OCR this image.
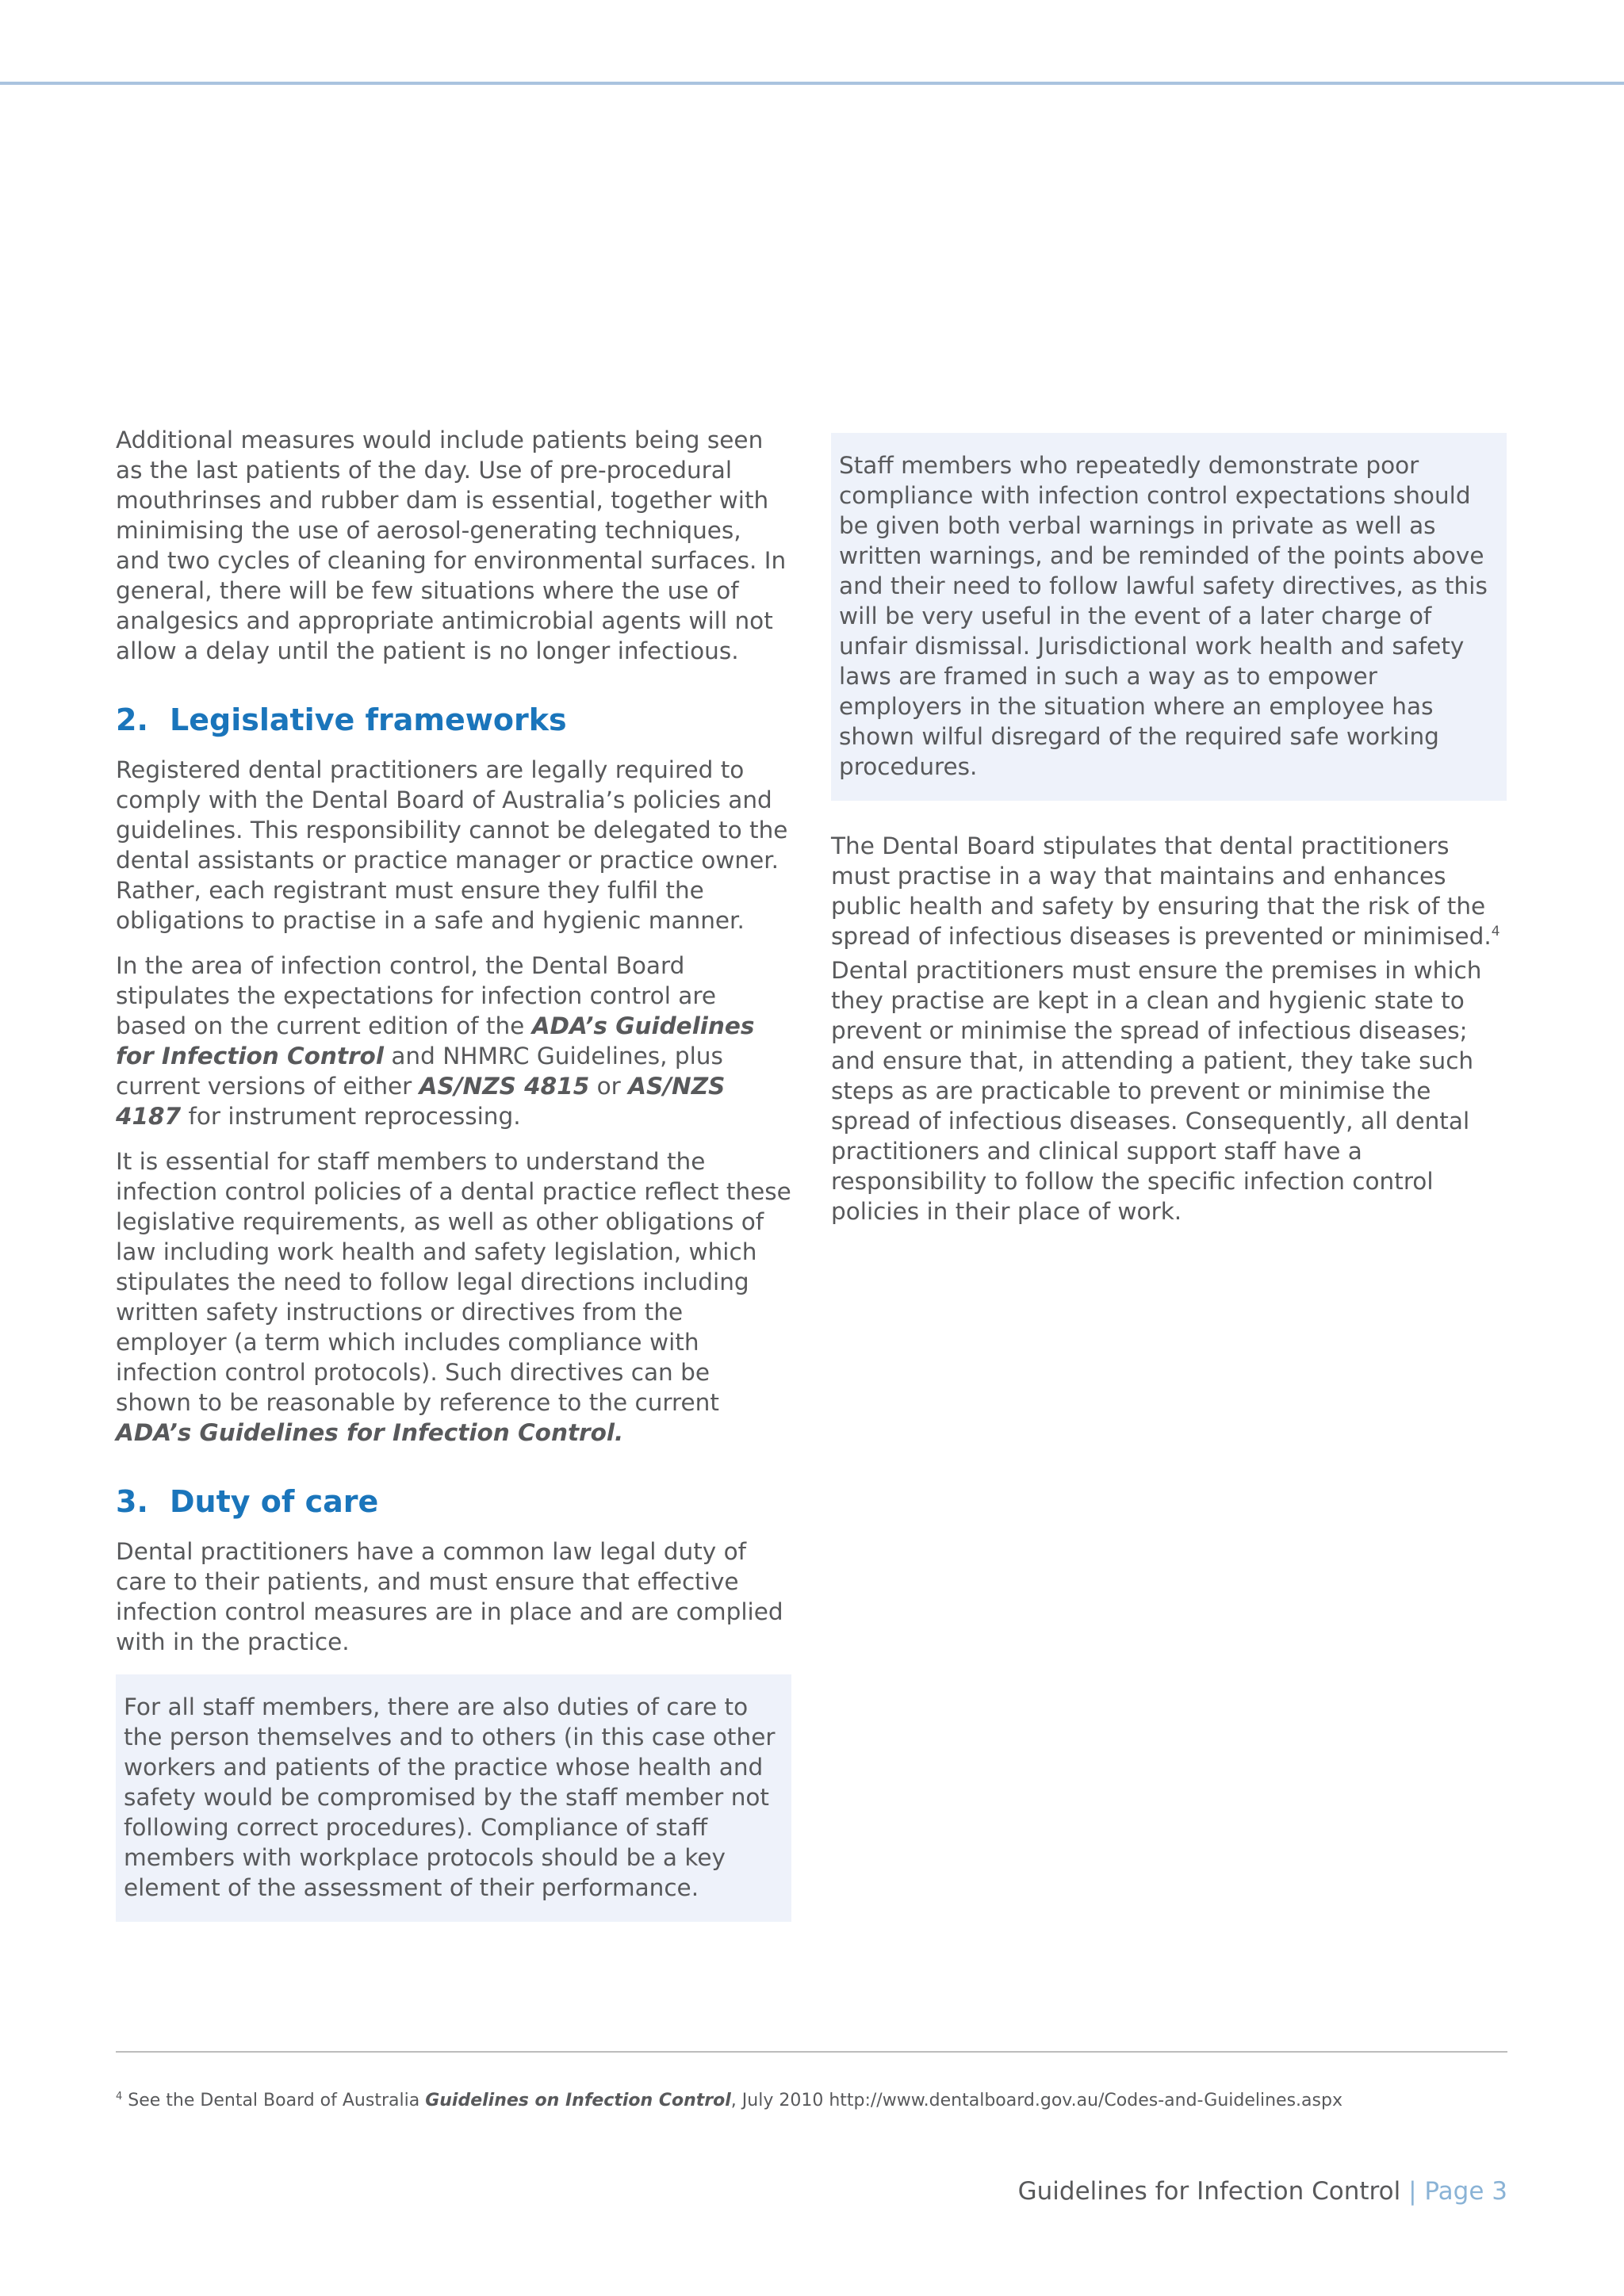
Additional measures would include patients being seen as the last patients of the day. Use of pre-procedural mouthrinses and rubber dam is essential, together with minimising the use of aerosol-generating techniques, and two cycles of cleaning for environmental surfaces. In general, there will be few situations where the use of analgesics and appropriate antimicrobial agents will not allow a delay until the patient is no longer infectious.

2. Legislative frameworks

Registered dental practitioners are legally required to comply with the Dental Board of Australia’s policies and guidelines. This responsibility cannot be delegated to the dental assistants or practice manager or practice owner. Rather, each registrant must ensure they fulfil the obligations to practise in a safe and hygienic manner.

In the area of infection control, the Dental Board stipulates the expectations for infection control are based on the current edition of the ADA’s Guidelines for Infection Control and NHMRC Guidelines, plus current versions of either AS/NZS 4815 or AS/NZS 4187 for instrument reprocessing.

It is essential for staff members to understand the infection control policies of a dental practice reflect these legislative requirements, as well as other obligations of law including work health and safety legislation, which stipulates the need to follow legal directions including written safety instructions or directives from the employer (a term which includes compliance with infection control protocols). Such directives can be shown to be reasonable by reference to the current ADA’s Guidelines for Infection Control.

3. Duty of care

Dental practitioners have a common law legal duty of care to their patients, and must ensure that effective infection control measures are in place and are complied with in the practice.

For all staff members, there are also duties of care to the person themselves and to others (in this case other workers and patients of the practice whose health and safety would be compromised by the staff member not following correct procedures). Compliance of staff members with workplace protocols should be a key element of the assessment of their performance.

Staff members who repeatedly demonstrate poor compliance with infection control expectations should be given both verbal warnings in private as well as written warnings, and be reminded of the points above and their need to follow lawful safety directives, as this will be very useful in the event of a later charge of unfair dismissal. Jurisdictional work health and safety laws are framed in such a way as to empower employers in the situation where an employee has shown wilful disregard of the required safe working procedures.

The Dental Board stipulates that dental practitioners must practise in a way that maintains and enhances public health and safety by ensuring that the risk of the spread of infectious diseases is prevented or minimised.$^4$ Dental practitioners must ensure the premises in which they practise are kept in a clean and hygienic state to prevent or minimise the spread of infectious diseases; and ensure that, in attending a patient, they take such steps as are practicable to prevent or minimise the spread of infectious diseases. Consequently, all dental practitioners and clinical support staff have a responsibility to follow the specific infection control policies in their place of work.

$^4$ See the Dental Board of Australia Guidelines on Infection Control, July 2010 http://www.dentalboard.gov.au/Codes-and-Guidelines.aspx
Guidelines for Infection Control | Page 3
